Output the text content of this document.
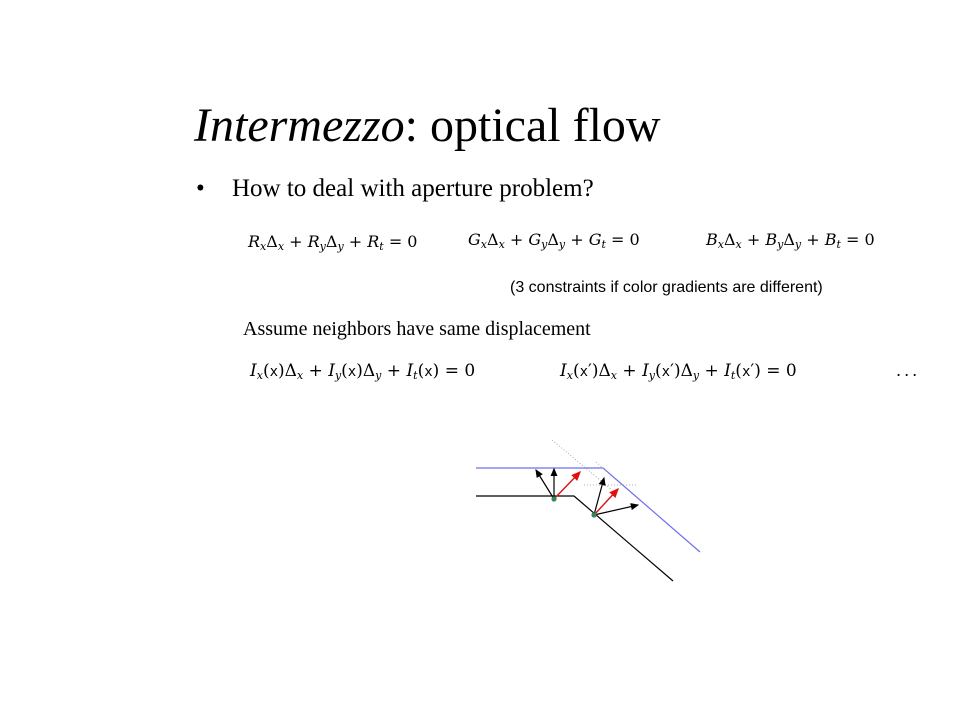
Intermezzo: optical flow
• How to deal with aperture problem?
$R_x\Delta_x + R_y\Delta_y + R_t = 0$	$G_x\Delta_x + G_y\Delta_y + G_t = 0$	$B_x\Delta_x + B_y\Delta_y + B_t = 0$
(3 constraints if color gradients are different)
Assume neighbors have same displacement
$I_x(x)\Delta_x + I_y(x)\Delta_y + I_t(x) = 0$	$I_x(x')\Delta_x + I_y(x')\Delta_y + I_t(x') = 0$	...
